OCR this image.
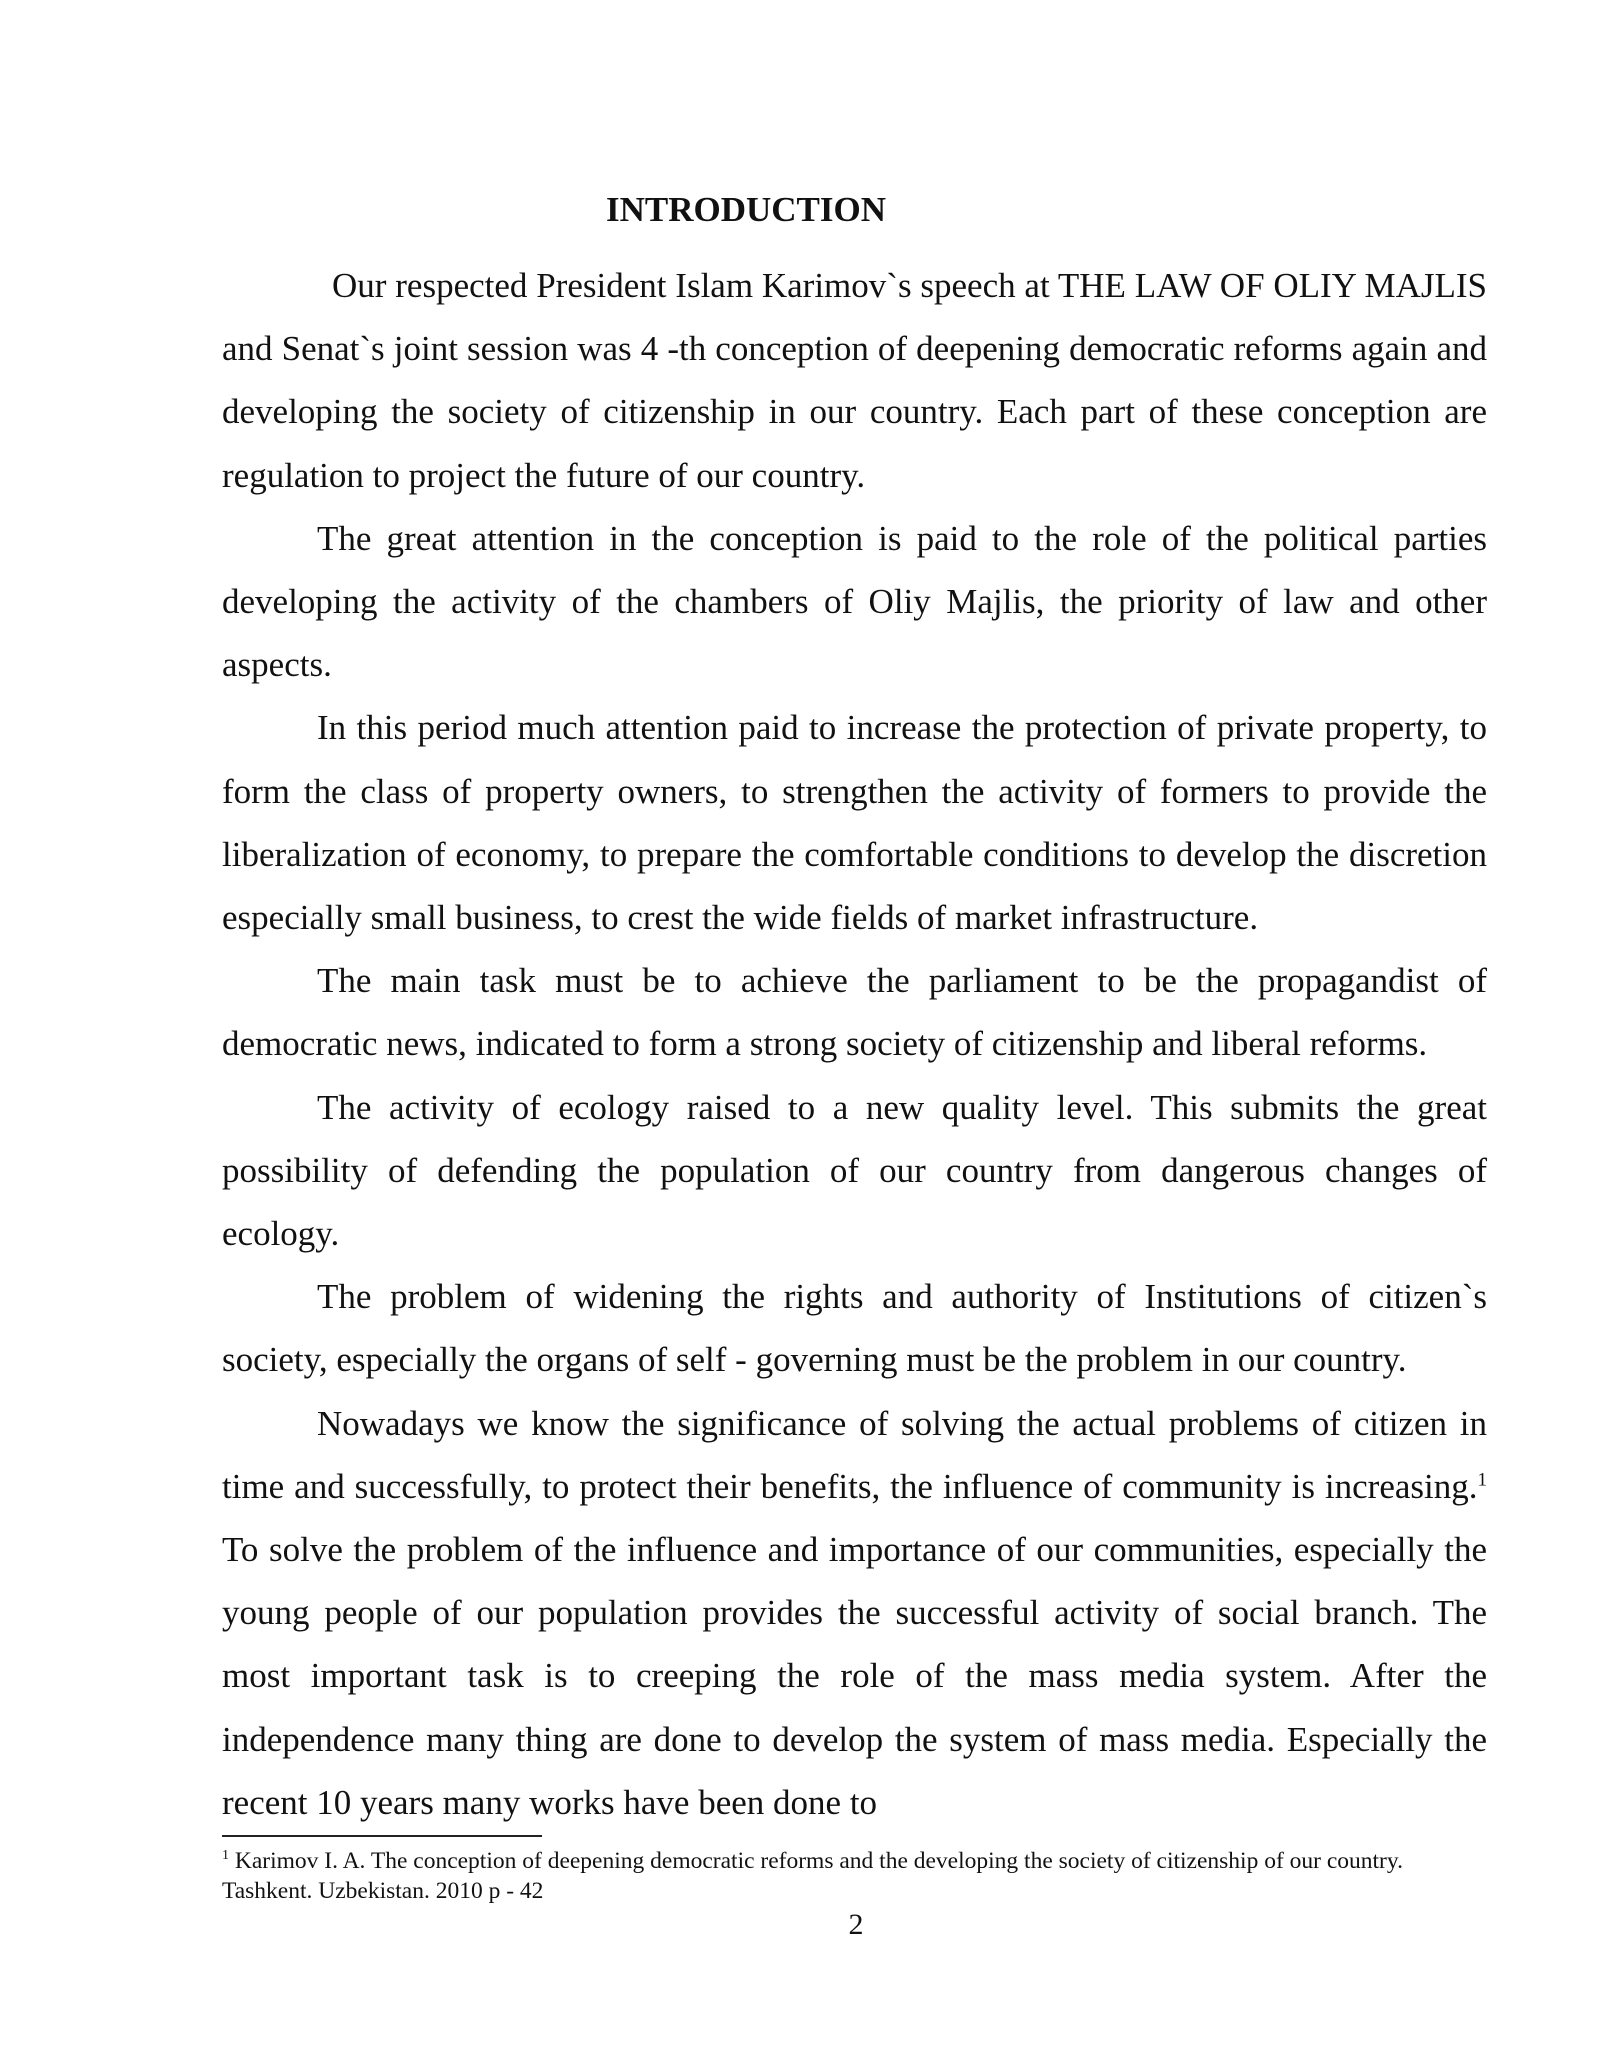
INTRODUCTION

Our respected President Islam Karimov`s speech at THE LAW OF OLIY MAJLIS and Senat`s joint session was 4 -th conception of deepening democratic reforms again and developing the society of citizenship in our country. Each part of these conception are regulation to project the future of our country.

The great attention in the conception is paid to the role of the political parties developing the activity of the chambers of Oliy Majlis, the priority of law and other aspects.

In this period much attention paid to increase the protection of private property, to form the class of property owners, to strengthen the activity of formers to provide the liberalization of economy, to prepare the comfortable conditions to develop the discretion especially small business, to crest the wide fields of market infrastructure.

The main task must be to achieve the parliament to be the propagandist of democratic news, indicated to form a strong society of citizenship and liberal reforms.

The activity of ecology raised to a new quality level. This submits the great possibility of defending the population of our country from dangerous changes of ecology.

The problem of widening the rights and authority of Institutions of citizen`s society, especially the organs of self - governing must be the problem in our country.

Nowadays we know the significance of solving the actual problems of citizen in time and successfully, to protect their benefits, the influence of community is increasing.$^1$ To solve the problem of the influence and importance of our communities, especially the young people of our population provides the successful activity of social branch. The most important task is to creeping the role of the mass media system. After the independence many thing are done to develop the system of mass media. Especially the recent 10 years many works have been done to

$^1$ Karimov I. A. The conception of deepening democratic reforms and the developing the society of citizenship of our country. Tashkent. Uzbekistan. 2010 p - 42
2
